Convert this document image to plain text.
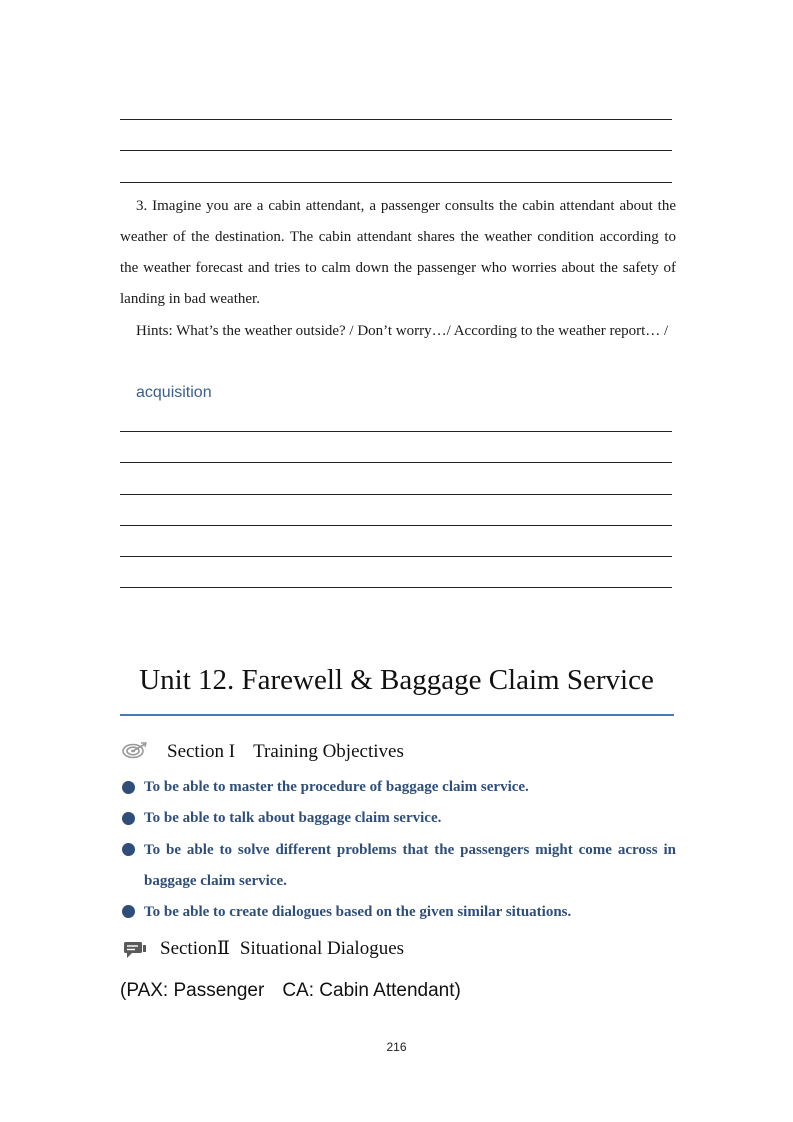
3. Imagine you are a cabin attendant, a passenger consults the cabin attendant about the weather of the destination. The cabin attendant shares the weather condition according to the weather forecast and tries to calm down the passenger who worries about the safety of landing in bad weather.

Hints: What’s the weather outside? / Don’t worry…/ According to the weather report… /

acquisition
Unit 12. Farewell & Baggage Claim Service
Section I Training Objectives

To be able to master the procedure of baggage claim service.

To be able to talk about baggage claim service.

To be able to solve different problems that the passengers might come across in baggage claim service.

To be able to create dialogues based on the given similar situations.

SectionⅡ Situational Dialogues
(PAX: Passenger CA: Cabin Attendant)
216
